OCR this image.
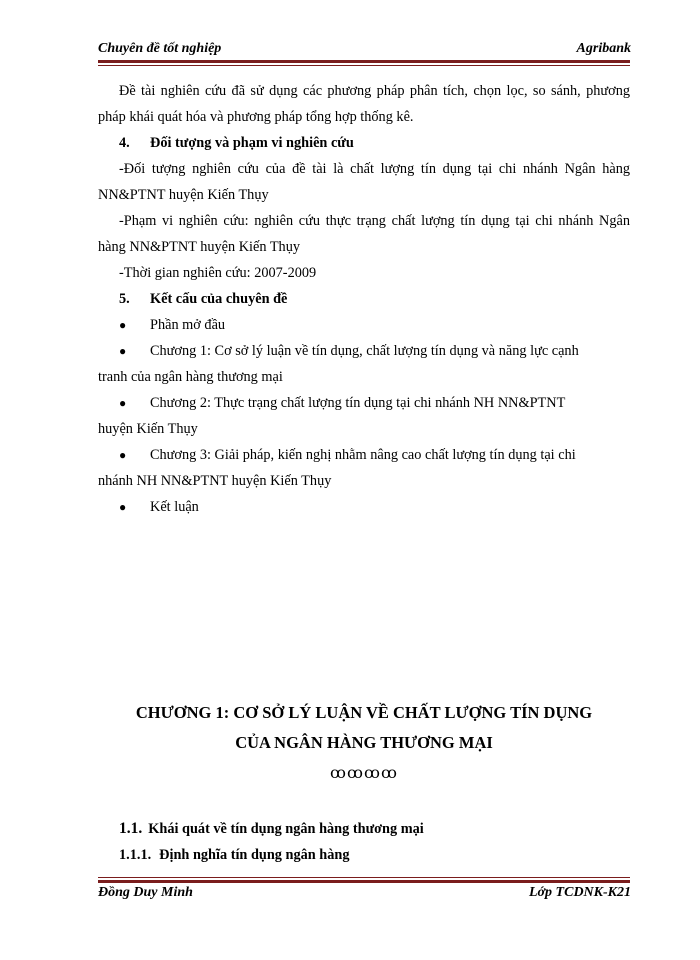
Chuyên đề tốt nghiệp	Agribank

Đề tài nghiên cứu đã sử dụng các phương pháp phân tích, chọn lọc, so sánh, phương pháp khái quát hóa và phương pháp tổng hợp thống kê.

4. Đối tượng và phạm vi nghiên cứu

-Đối tượng nghiên cứu của đề tài là chất lượng tín dụng tại chi nhánh Ngân hàng NN&PTNT huyện Kiến Thụy

-Phạm vi nghiên cứu: nghiên cứu thực trạng chất lượng tín dụng tại chi nhánh Ngân hàng NN&PTNT huyện Kiến Thụy

-Thời gian nghiên cứu: 2007-2009

5. Kết cấu của chuyên đề

●	Phần mở đầu
●	Chương 1: Cơ sở lý luận về tín dụng, chất lượng tín dụng và năng lực cạnh

tranh của ngân hàng thương mại

●	Chương 2: Thực trạng chất lượng tín dụng tại chi nhánh NH NN&PTNT

huyện Kiến Thụy

●	Chương 3: Giải pháp, kiến nghị nhằm nâng cao chất lượng tín dụng tại chi

nhánh NH NN&PTNT huyện Kiến Thụy

●	Kết luận
CHƯƠNG 1: CƠ SỞ LÝ LUẬN VỀ CHẤT LƯỢNG TÍN DỤNG
CỦA NGÂN HÀNG THƯƠNG MẠI
ꝏꝏꝏꝏ
1.1. Khái quát về tín dụng ngân hàng thương mại
1.1.1. Định nghĩa tín dụng ngân hàng
Đồng Duy Minh	Lớp TCDNK-K21
